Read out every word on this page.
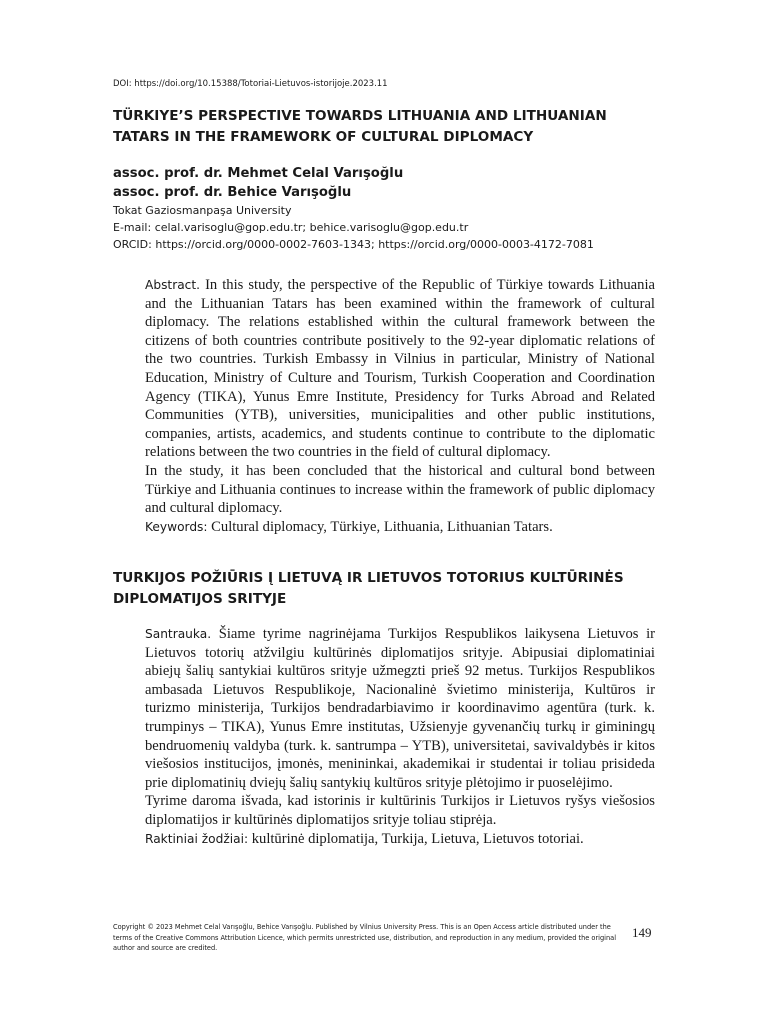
DOI: https://doi.org/10.15388/Totoriai-Lietuvos-istorijoje.2023.11
TÜRKIYE’S PERSPECTIVE TOWARDS LITHUANIA AND LITHUANIAN TATARS IN THE FRAMEWORK OF CULTURAL DIPLOMACY
assoc. prof. dr. Mehmet Celal Varışoğlu
assoc. prof. dr. Behice Varışoğlu
Tokat Gaziosmanpaşa University
E-mail: celal.varisoglu@gop.edu.tr; behice.varisoglu@gop.edu.tr
ORCID: https://orcid.org/0000-0002-7603-1343; https://orcid.org/0000-0003-4172-7081

Abstract. In this study, the perspective of the Republic of Türkiye towards Lithuania and the Lithuanian Tatars has been examined within the framework of cultural diplomacy. The relations established within the cultural framework between the citizens of both countries contribute positively to the 92-year diplomatic relations of the two countries. Turkish Embassy in Vilnius in particular, Ministry of National Education, Ministry of Culture and Tourism, Turkish Cooperation and Coordination Agency (TIKA), Yunus Emre Institute, Presidency for Turks Abroad and Related Communities (YTB), universities, municipalities and other public institutions, companies, artists, academics, and students continue to contribute to the diplomatic relations between the two countries in the field of cultural diplomacy.

In the study, it has been concluded that the historical and cultural bond between Türkiye and Lithuania continues to increase within the framework of public diplomacy and cultural diplomacy.

Keywords: Cultural diplomacy, Türkiye, Lithuania, Lithuanian Tatars.

TURKIJOS POŽIŪRIS Į LIETUVĄ IR LIETUVOS TOTORIUS KULTŪRINĖS DIPLOMATIJOS SRITYJE

Santrauka. Šiame tyrime nagrinėjama Turkijos Respublikos laikysena Lietuvos ir Lietuvos totorių atžvilgiu kultūrinės diplomatijos srityje. Abipusiai diplomatiniai abiejų šalių santykiai kultūros srityje užmegzti prieš 92 metus. Turkijos Respublikos ambasada Lietuvos Respublikoje, Nacionalinė švietimo ministerija, Kultūros ir turizmo ministerija, Turkijos bendradarbiavimo ir koordinavimo agentūra (turk. k. trumpinys – TIKA), Yunus Emre institutas, Užsienyje gyvenančių turkų ir giminingų bendruomenių valdyba (turk. k. santrumpa – YTB), universitetai, savivaldybės ir kitos viešosios institucijos, įmonės, menininkai, akademikai ir studentai ir toliau prisideda prie diplomatinių dviejų šalių santykių kultūros srityje plėtojimo ir puoselėjimo.

Tyrime daroma išvada, kad istorinis ir kultūrinis Turkijos ir Lietuvos ryšys viešosios diplomatijos ir kultūrinės diplomatijos srityje toliau stiprėja.

Raktiniai žodžiai: kultūrinė diplomatija, Turkija, Lietuva, Lietuvos totoriai.

Copyright © 2023 Mehmet Celal Varışoğlu, Behice Varışoğlu. Published by Vilnius University Press. This is an Open Access article distributed under the terms of the Creative Commons Attribution Licence, which permits unrestricted use, distribution, and reproduction in any medium, provided the original author and source are credited.
149
